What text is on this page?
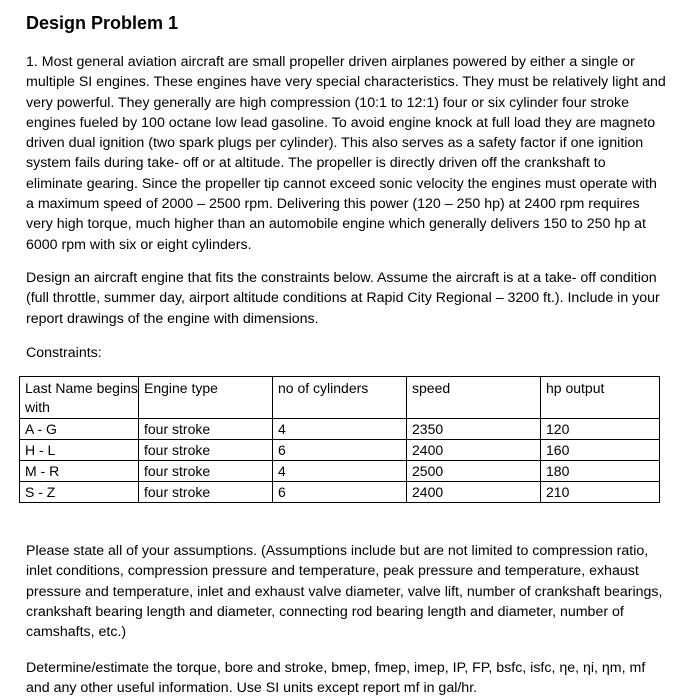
Design Problem 1
1. Most general aviation aircraft are small propeller driven airplanes powered by either a single or multiple SI engines. These engines have very special characteristics. They must be relatively light and very powerful. They generally are high compression (10:1 to 12:1) four or six cylinder four stroke engines fueled by 100 octane low lead gasoline. To avoid engine knock at full load they are magneto driven dual ignition (two spark plugs per cylinder). This also serves as a safety factor if one ignition system fails during take- off or at altitude. The propeller is directly driven off the crankshaft to eliminate gearing. Since the propeller tip cannot exceed sonic velocity the engines must operate with a maximum speed of 2000 – 2500 rpm. Delivering this power (120 – 250 hp) at 2400 rpm requires very high torque, much higher than an automobile engine which generally delivers 150 to 250 hp at 6000 rpm with six or eight cylinders.
Design an aircraft engine that fits the constraints below. Assume the aircraft is at a take- off condition (full throttle, summer day, airport altitude conditions at Rapid City Regional – 3200 ft.). Include in your report drawings of the engine with dimensions.
Constraints:
Last Name begins with	Engine type	no of cylinders	speed	hp output
A - G	four stroke	4	2350	120
H - L	four stroke	6	2400	160
M - R	four stroke	4	2500	180
S - Z	four stroke	6	2400	210
Please state all of your assumptions. (Assumptions include but are not limited to compression ratio, inlet conditions, compression pressure and temperature, peak pressure and temperature, exhaust pressure and temperature, inlet and exhaust valve diameter, valve lift, number of crankshaft bearings, crankshaft bearing length and diameter, connecting rod bearing length and diameter, number of camshafts, etc.)
Determine/estimate the torque, bore and stroke, bmep, fmep, imep, IP, FP, bsfc, isfc, ηe, ηi, ηm, mf and any other useful information. Use SI units except report mf in gal/hr.
